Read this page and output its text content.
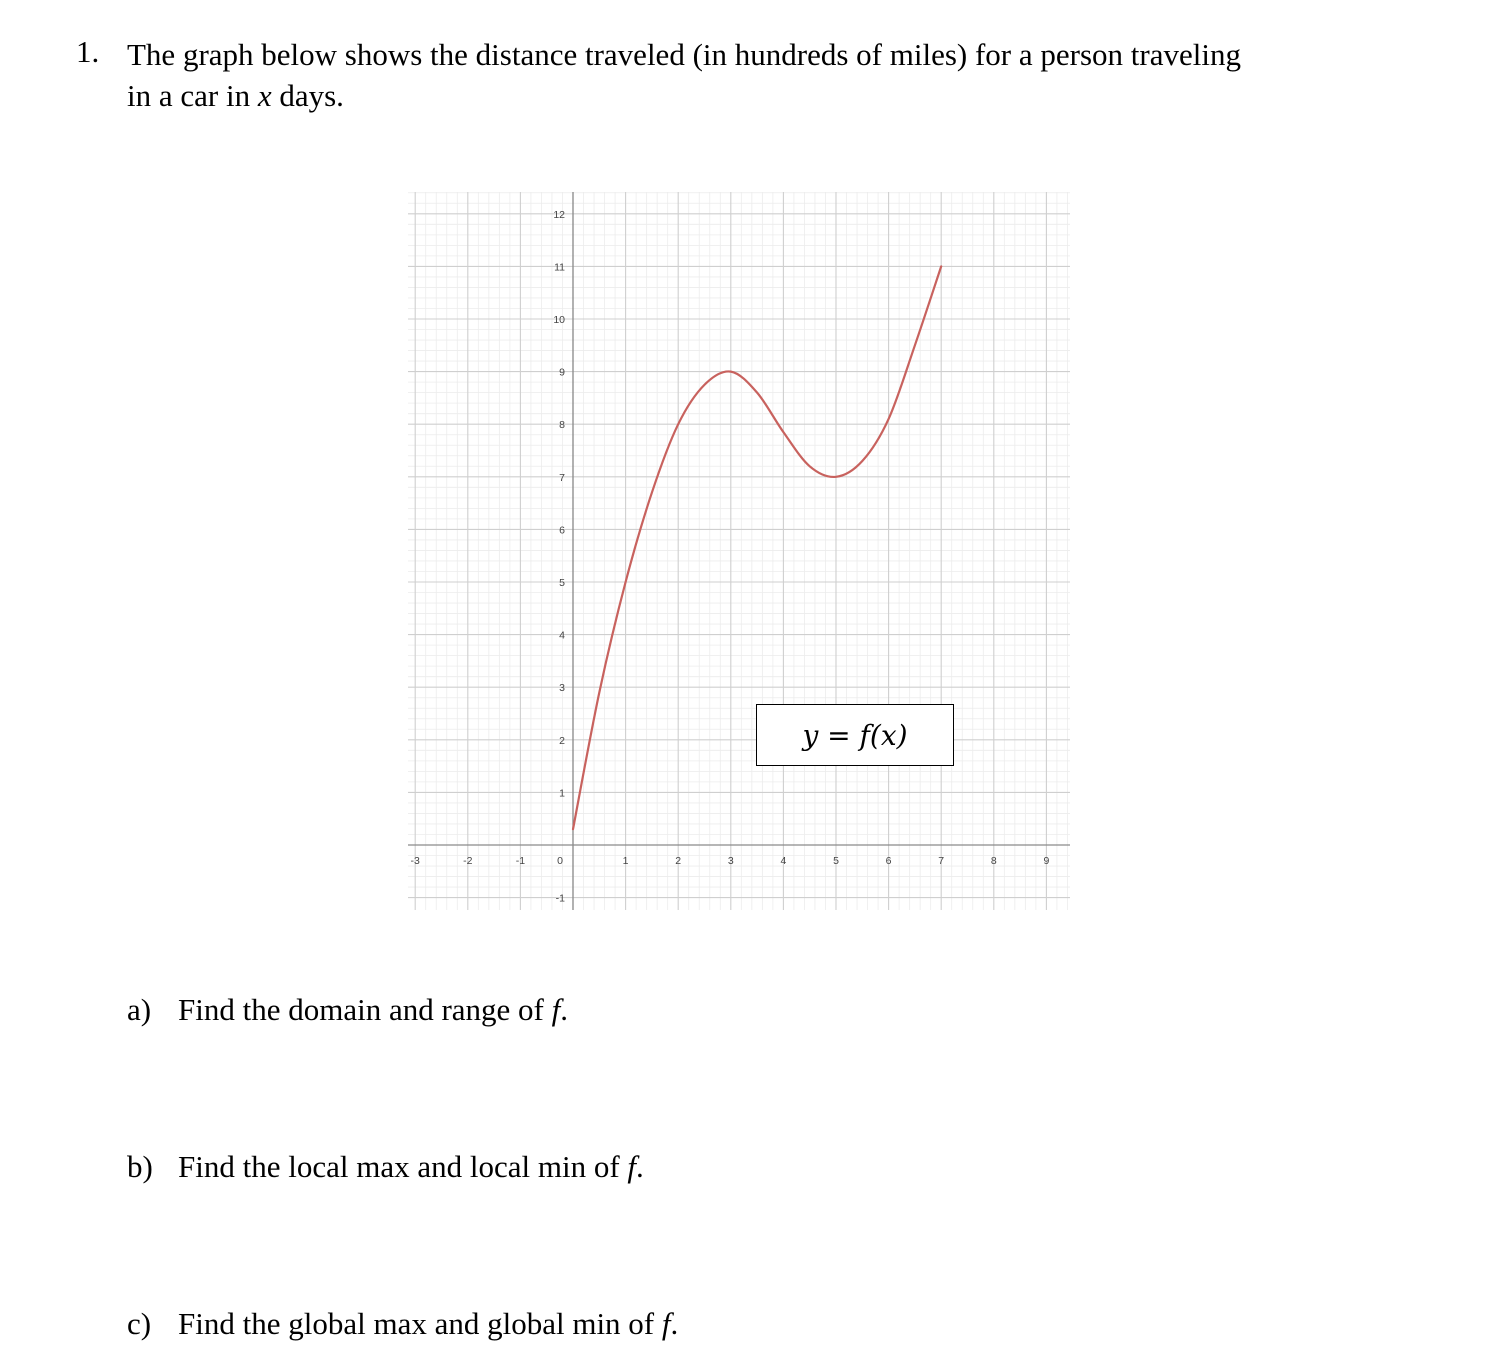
1. The graph below shows the distance traveled (in hundreds of miles) for a person traveling
in a car in x days.
-3	-2	-1	1	2	3	4	5	6	7	8	9
-1
1
2
3
4
5
6
7
8
9
10
11
12
0
y = f(x)
a) Find the domain and range of f.
b) Find the local max and local min of f.
c) Find the global max and global min of f.
